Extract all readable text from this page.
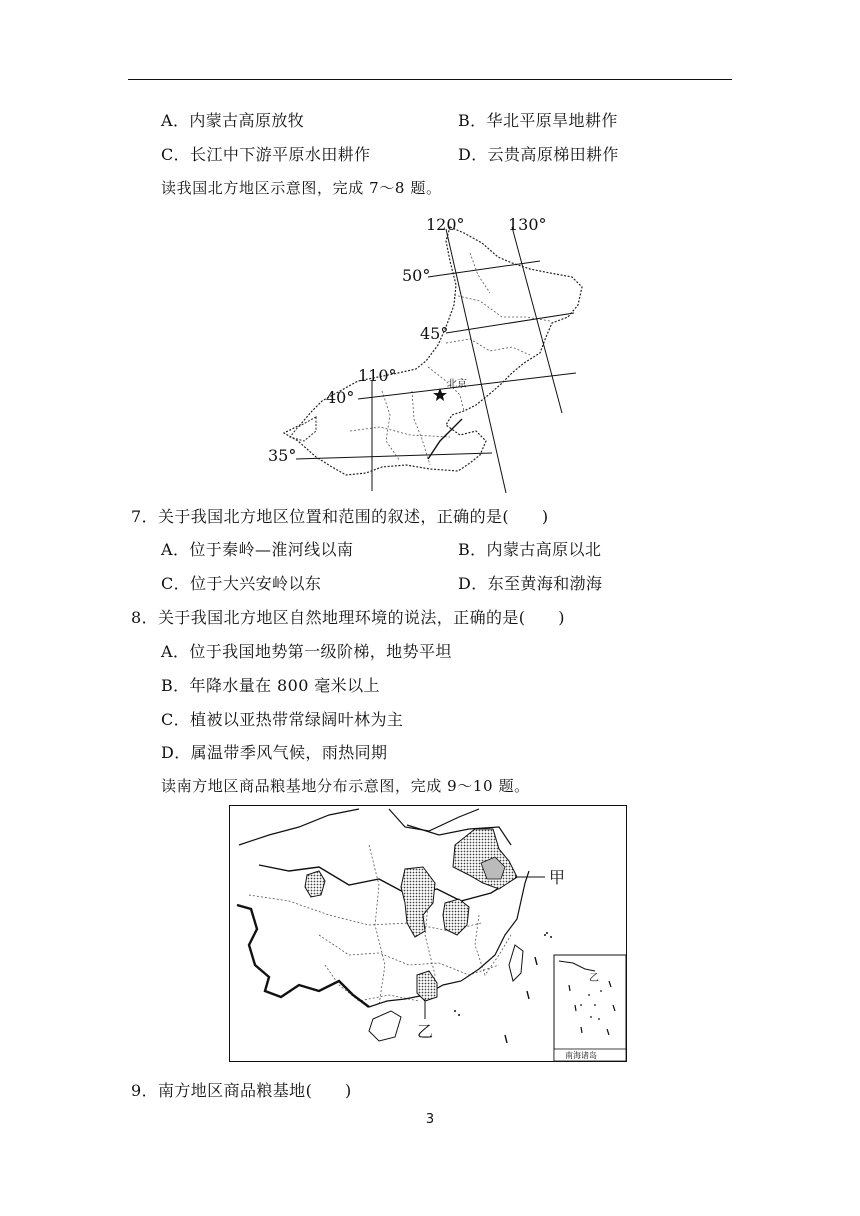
A．内蒙古高原放牧	B．华北平原旱地耕作
C．长江中下游平原水田耕作	D．云贵高原梯田耕作
读我国北方地区示意图，完成 7～8 题。
120°	130°
110°
50°
45°
40°
35°
北京
7．关于我国北方地区位置和范围的叙述，正确的是(　　)
A．位于秦岭—淮河线以南	B．内蒙古高原以北
C．位于大兴安岭以东	D．东至黄海和渤海
8．关于我国北方地区自然地理环境的说法，正确的是(　　)
A．位于我国地势第一级阶梯，地势平坦
B．年降水量在 800 毫米以上
C．植被以亚热带常绿阔叶林为主
D．属温带季风气候，雨热同期
读南方地区商品粮基地分布示意图，完成 9～10 题。
甲
乙
乙
南海诸岛
9．南方地区商品粮基地(　　)
3
